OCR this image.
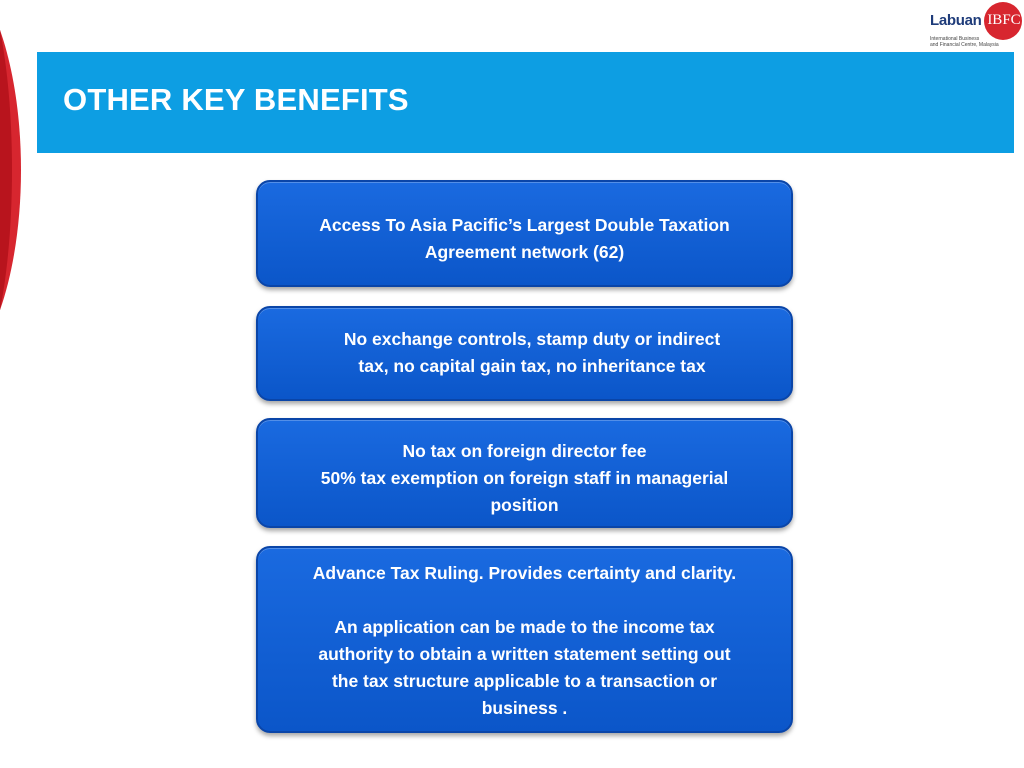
OTHER KEY BENEFITS
Labuan IBFC
International Business
and Financial Centre, Malaysia

Access To Asia Pacific’s Largest Double Taxation

Agreement network (62)

No exchange controls, stamp duty or indirect

tax, no capital gain tax, no inheritance tax

No tax on foreign director fee

50% tax exemption on foreign staff in managerial

position

Advance Tax Ruling. Provides certainty and clarity.

An application can be made to the income tax

authority to obtain a written statement setting out

the tax structure applicable to a transaction or

business .
